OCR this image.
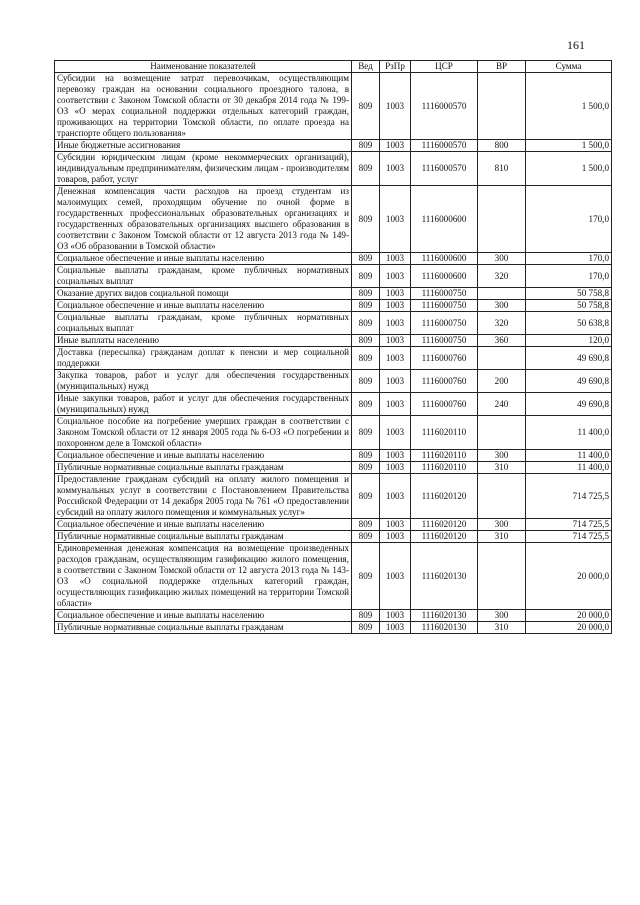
161
Наименование показателей	Вед	РзПр	ЦСР	ВР	Сумма
Субсидии на возмещение затрат перевозчикам, осуществляющим перевозку граждан на основании социального проездного талона, в соответствии с Законом Томской области от 30 декабря 2014 года № 199-ОЗ «О мерах социальной поддержки отдельных категорий граждан, проживающих на территории Томской области, по оплате проезда на транспорте общего пользования»	809	1003	1116000570		1 500,0
Иные бюджетные ассигнования	809	1003	1116000570	800	1 500,0
Субсидии юридическим лицам (кроме некоммерческих организаций), индивидуальным предпринимателям, физическим лицам - производителям товаров, работ, услуг	809	1003	1116000570	810	1 500,0
Денежная компенсация части расходов на проезд студентам из малоимущих семей, проходящим обучение по очной форме в государственных профессиональных образовательных организациях и государственных образовательных организациях высшего образования в соответствии с Законом Томской области от 12 августа 2013 года № 149-ОЗ «Об образовании в Томской области»	809	1003	1116000600		170,0
Социальное обеспечение и иные выплаты населению	809	1003	1116000600	300	170,0
Социальные выплаты гражданам, кроме публичных нормативных социальных выплат	809	1003	1116000600	320	170,0
Оказание других видов социальной помощи	809	1003	1116000750		50 758,8
Социальное обеспечение и иные выплаты населению	809	1003	1116000750	300	50 758,8
Социальные выплаты гражданам, кроме публичных нормативных социальных выплат	809	1003	1116000750	320	50 638,8
Иные выплаты населению	809	1003	1116000750	360	120,0
Доставка (пересылка) гражданам доплат к пенсии и мер социальной поддержки	809	1003	1116000760		49 690,8
Закупка товаров, работ и услуг для обеспечения государственных (муниципальных) нужд	809	1003	1116000760	200	49 690,8
Иные закупки товаров, работ и услуг для обеспечения государственных (муниципальных) нужд	809	1003	1116000760	240	49 690,8
Социальное пособие на погребение умерших граждан в соответствии с Законом Томской области от 12 января 2005 года № 6-ОЗ «О погребении и похоронном деле в Томской области»	809	1003	1116020110		11 400,0
Социальное обеспечение и иные выплаты населению	809	1003	1116020110	300	11 400,0
Публичные нормативные социальные выплаты гражданам	809	1003	1116020110	310	11 400,0
Предоставление гражданам субсидий на оплату жилого помещения и коммунальных услуг в соответствии с Постановлением Правительства Российской Федерации от 14 декабря 2005 года № 761 «О предоставлении субсидий на оплату жилого помещения и коммунальных услуг»	809	1003	1116020120		714 725,5
Социальное обеспечение и иные выплаты населению	809	1003	1116020120	300	714 725,5
Публичные нормативные социальные выплаты гражданам	809	1003	1116020120	310	714 725,5
Единовременная денежная компенсация на возмещение произведенных расходов гражданам, осуществляющим газификацию жилого помещения, в соответствии с Законом Томской области от 12 августа 2013 года № 143-ОЗ «О социальной поддержке отдельных категорий граждан, осуществляющих газификацию жилых помещений на территории Томской области»	809	1003	1116020130		20 000,0
Социальное обеспечение и иные выплаты населению	809	1003	1116020130	300	20 000,0
Публичные нормативные социальные выплаты гражданам	809	1003	1116020130	310	20 000,0
